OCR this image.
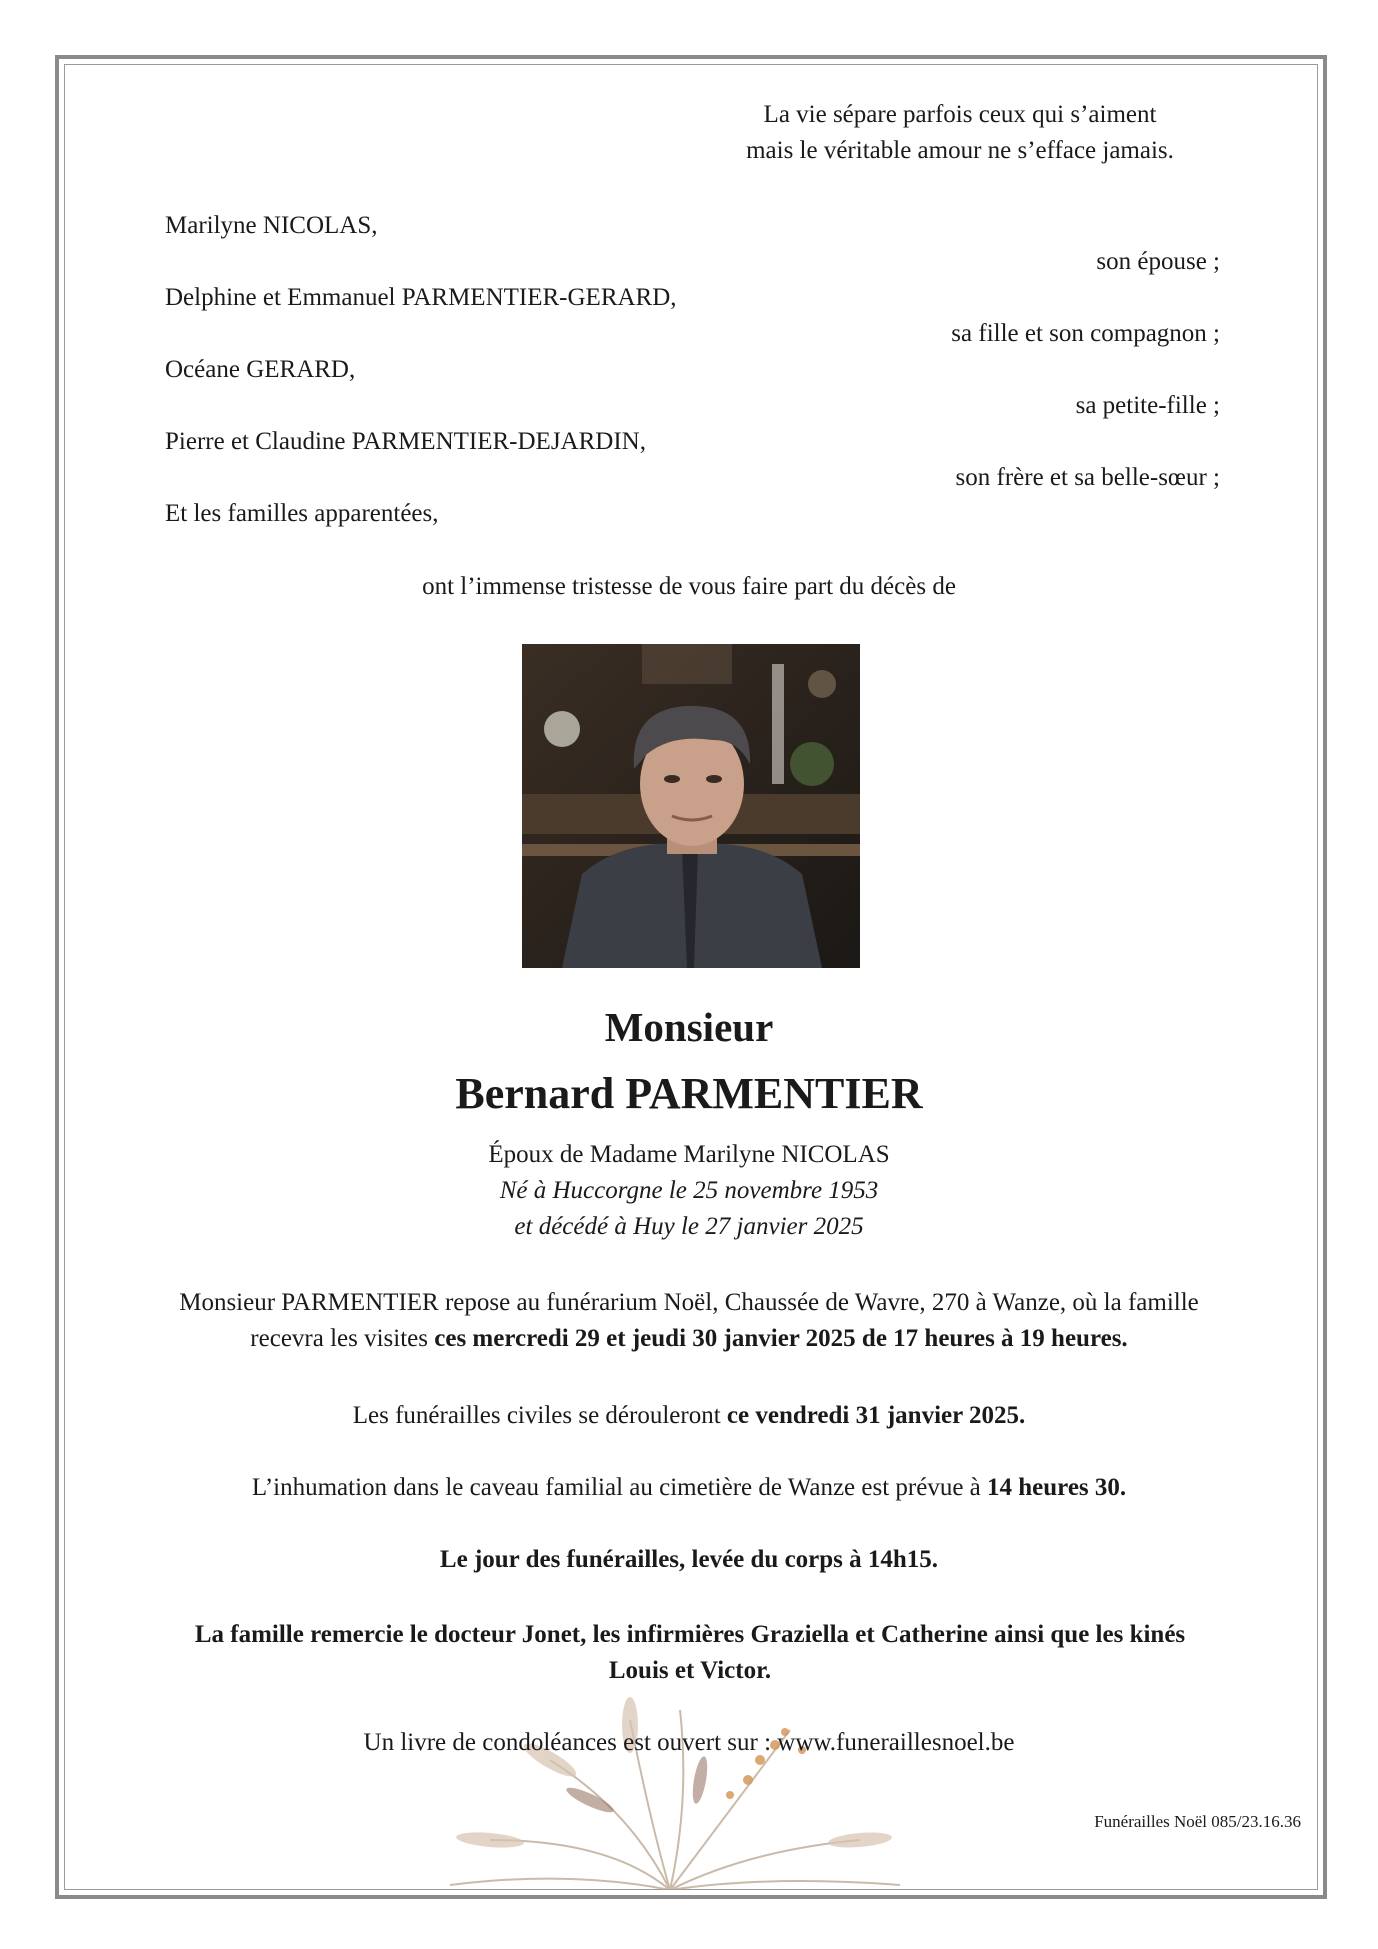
La vie sépare parfois ceux qui s’aiment
mais le véritable amour ne s’efface jamais.
Marilyne NICOLAS,
son épouse ;
Delphine et Emmanuel PARMENTIER-GERARD,
sa fille et son compagnon ;
Océane GERARD,
sa petite-fille ;
Pierre et Claudine PARMENTIER-DEJARDIN,
son frère et sa belle-sœur ;
Et les familles apparentées,
ont l’immense tristesse de vous faire part du décès de
Monsieur
Bernard PARMENTIER
Époux de Madame Marilyne NICOLAS
Né à Huccorgne le 25 novembre 1953
et décédé à Huy le 27 janvier 2025
Monsieur PARMENTIER repose au funérarium Noël, Chaussée de Wavre, 270 à Wanze, où la famille recevra les visites ces mercredi 29 et jeudi 30 janvier 2025 de 17 heures à 19 heures.
Les funérailles civiles se dérouleront ce vendredi 31 janvier 2025.
L’inhumation dans le caveau familial au cimetière de Wanze est prévue à 14 heures 30.
Le jour des funérailles, levée du corps à 14h15.
La famille remercie le docteur Jonet, les infirmières Graziella et Catherine ainsi que les kinés Louis et Victor.
Un livre de condoléances est ouvert sur : www.funeraillesnoel.be
Funérailles Noël 085/23.16.36
